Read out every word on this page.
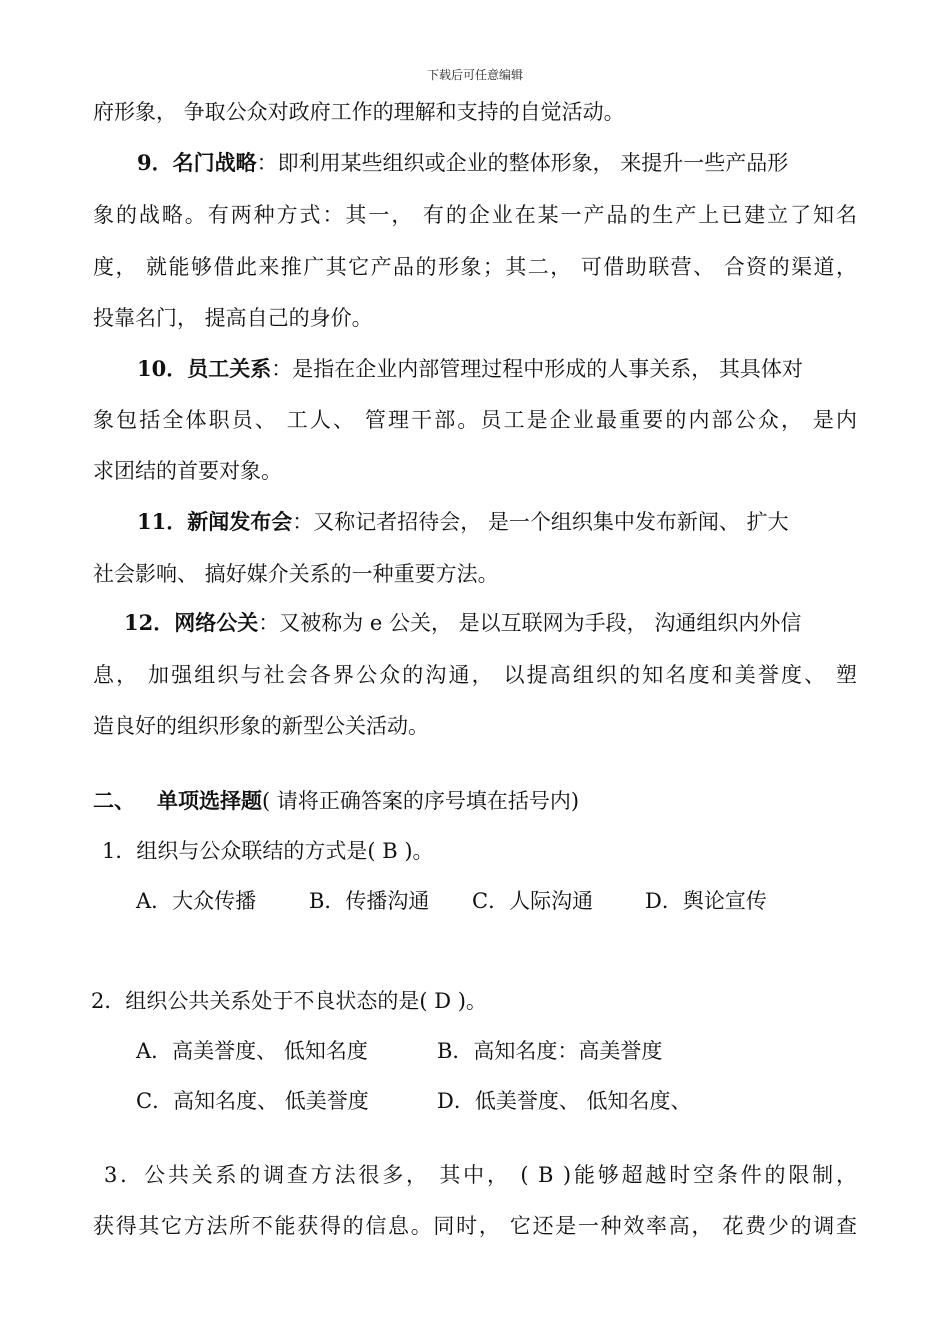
下载后可任意编辑
府形象， 争取公众对政府工作的理解和支持的自觉活动。
9．名门战略：即利用某些组织或企业的整体形象， 来提升一些产品形
象的战略。有两种方式：其一， 有的企业在某一产品的生产上已建立了知名
度， 就能够借此来推广其它产品的形象；其二， 可借助联营、 合资的渠道，
投靠名门， 提高自己的身价。
10．员工关系：是指在企业内部管理过程中形成的人事关系， 其具体对
象包括全体职员、 工人、 管理干部。员工是企业最重要的内部公众， 是内
求团结的首要对象。
11．新闻发布会：又称记者招待会， 是一个组织集中发布新闻、 扩大
社会影响、 搞好媒介关系的一种重要方法。
12．网络公关：又被称为 e 公关， 是以互联网为手段， 沟通组织内外信
息， 加强组织与社会各界公众的沟通， 以提高组织的知名度和美誉度、 塑
造良好的组织形象的新型公关活动。
二、 单项选择题( 请将正确答案的序号填在括号内)
1．组织与公众联结的方式是( B )。
A．大众传播	B．传播沟通 C．人际沟通 D．舆论宣传
2．组织公共关系处于不良状态的是( D )。
A．高美誉度、 低知名度	B．高知名度：高美誉度
C．高知名度、 低美誉度	D．低美誉度、 低知名度、
3．公共关系的调查方法很多， 其中， ( B )能够超越时空条件的限制，
获得其它方法所不能获得的信息。同时， 它还是一种效率高， 花费少的调查
